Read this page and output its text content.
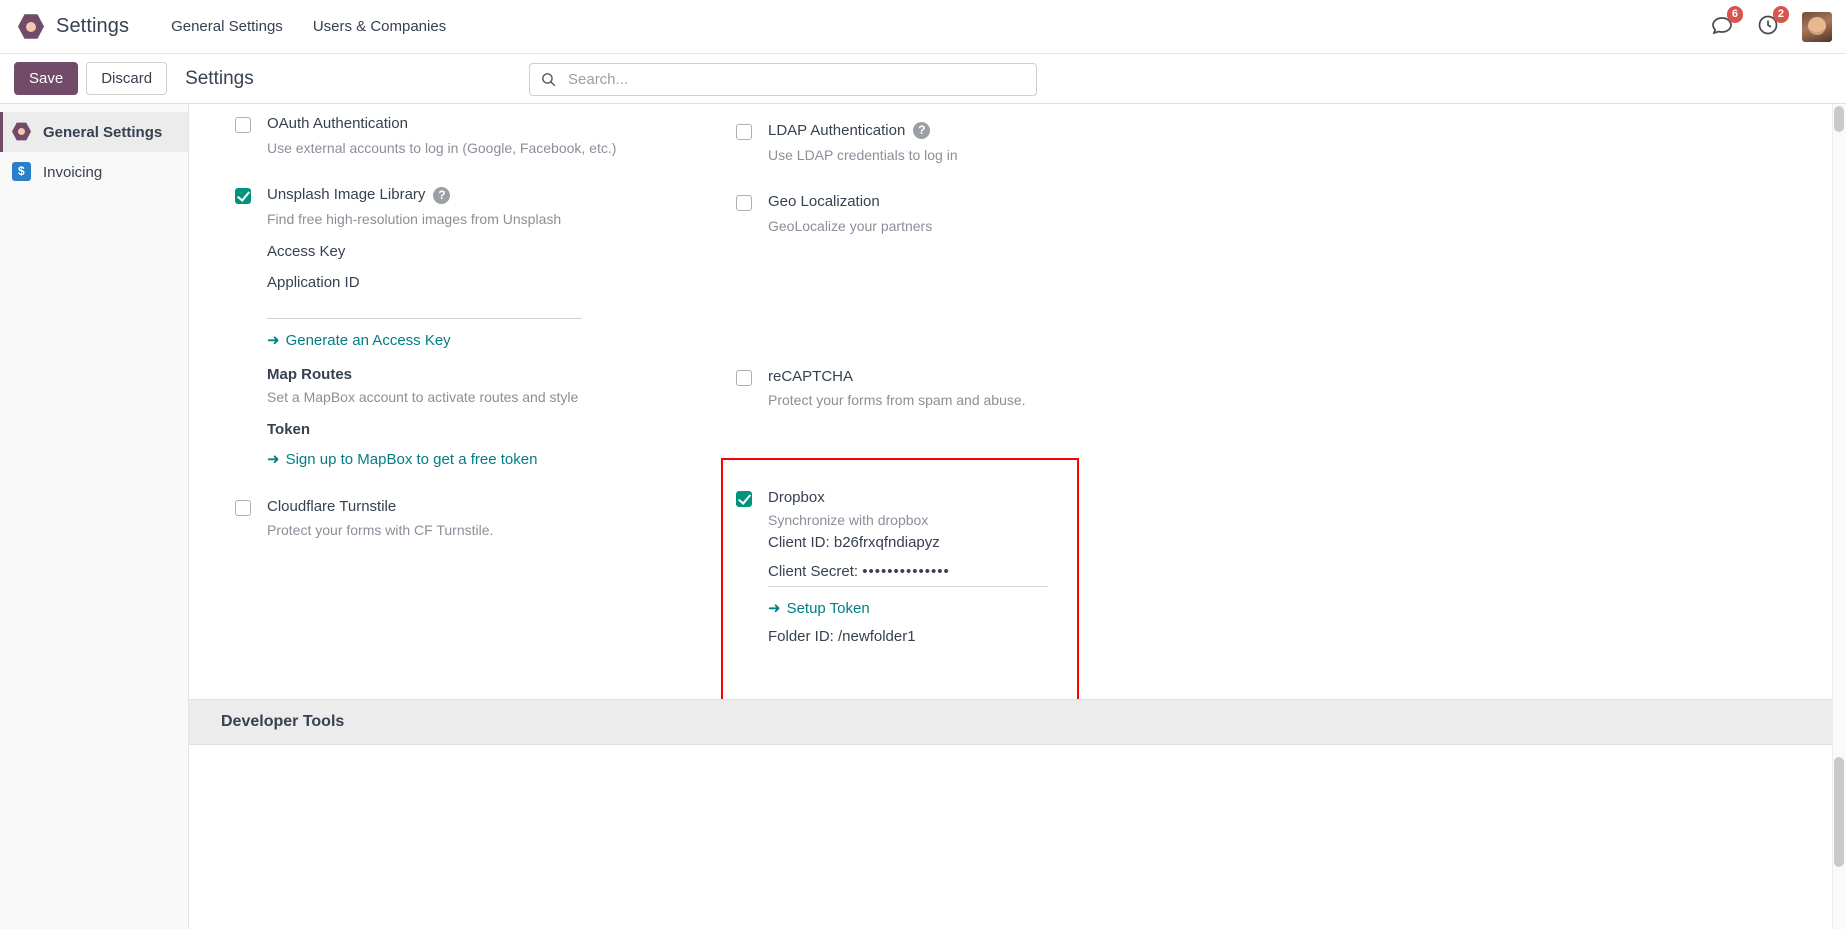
Settings	General Settings	Users & Companies
6	2
Save	Discard	Settings
Search...
General Settings
$
Invoicing
OAuth Authentication
Use external accounts to log in (Google, Facebook, etc.)
Unsplash Image Library	?
Find free high-resolution images from Unsplash
Access Key
Application ID
➜ Generate an Access Key
Map Routes
Set a MapBox account to activate routes and style
Token
➜ Sign up to MapBox to get a free token
Cloudflare Turnstile
Protect your forms with CF Turnstile.
LDAP Authentication	?
Use LDAP credentials to log in
Geo Localization
GeoLocalize your partners
reCAPTCHA
Protect your forms from spam and abuse.
Dropbox
Synchronize with dropbox
Client ID: b26frxqfndiapyz
Client Secret: ••••••••••••••
➜ Setup Token
Folder ID: /newfolder1
Developer Tools
